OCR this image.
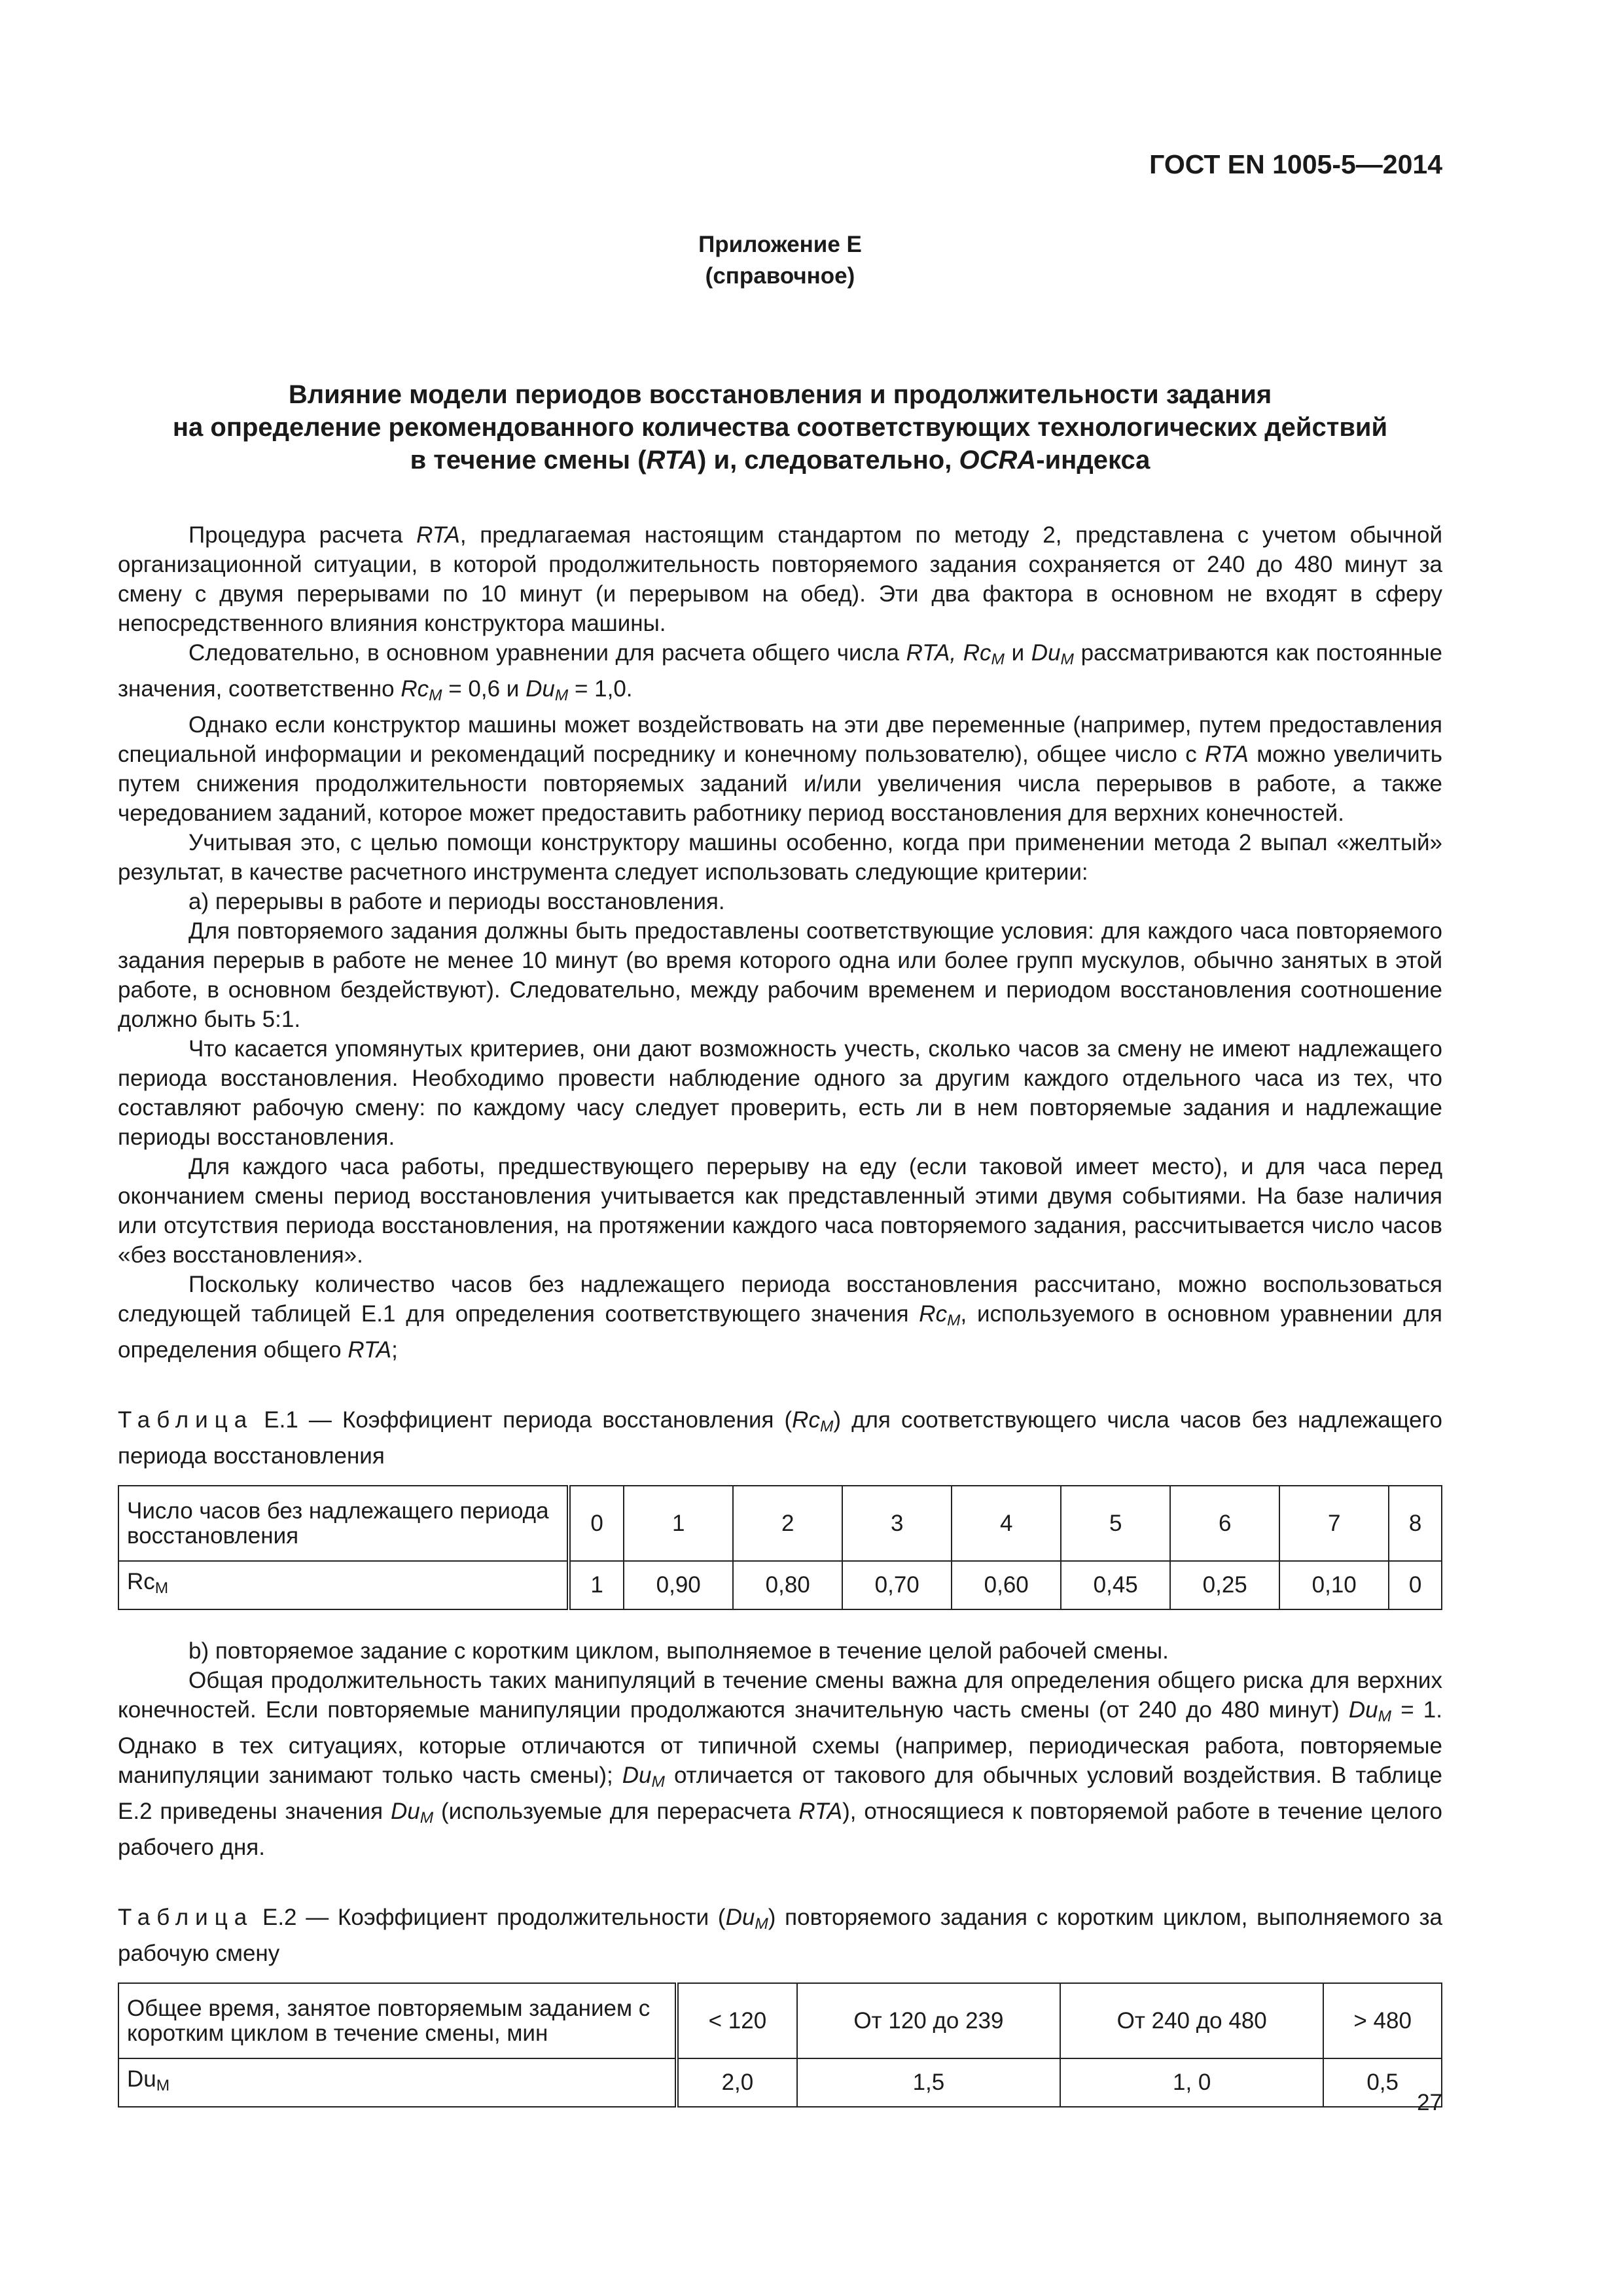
ГОСТ EN 1005-5—2014
Приложение Е
(справочное)
Влияние модели периодов восстановления и продолжительности задания
на определение рекомендованного количества соответствующих технологических действий
в течение смены (RTA) и, следовательно, OCRA-индекса

Процедура расчета RTA, предлагаемая настоящим стандартом по методу 2, представлена с учетом обычной организационной ситуации, в которой продолжительность повторяемого задания сохраняется от 240 до 480 минут за смену с двумя перерывами по 10 минут (и перерывом на обед). Эти два фактора в основном не входят в сферу непосредственного влияния конструктора машины.

Следовательно, в основном уравнении для расчета общего числа RTA, $Rc_M$ и $Du_M$ рассматриваются как постоянные значения, соответственно $Rc_M = 0,6$ и $Du_M = 1,0$.

Однако если конструктор машины может воздействовать на эти две переменные (например, путем предоставления специальной информации и рекомендаций посреднику и конечному пользователю), общее число с RTA можно увеличить путем снижения продолжительности повторяемых заданий и/или увеличения числа перерывов в работе, а также чередованием заданий, которое может предоставить работнику период восстановления для верхних конечностей.

Учитывая это, с целью помощи конструктору машины особенно, когда при применении метода 2 выпал «желтый» результат, в качестве расчетного инструмента следует использовать следующие критерии:

а) перерывы в работе и периоды восстановления.

Для повторяемого задания должны быть предоставлены соответствующие условия: для каждого часа повторяемого задания перерыв в работе не менее 10 минут (во время которого одна или более групп мускулов, обычно занятых в этой работе, в основном бездействуют). Следовательно, между рабочим временем и периодом восстановления соотношение должно быть 5:1.

Что касается упомянутых критериев, они дают возможность учесть, сколько часов за смену не имеют надлежащего периода восстановления. Необходимо провести наблюдение одного за другим каждого отдельного часа из тех, что составляют рабочую смену: по каждому часу следует проверить, есть ли в нем повторяемые задания и надлежащие периоды восстановления.

Для каждого часа работы, предшествующего перерыву на еду (если таковой имеет место), и для часа перед окончанием смены период восстановления учитывается как представленный этими двумя событиями. На базе наличия или отсутствия периода восстановления, на протяжении каждого часа повторяемого задания, рассчитывается число часов «без восстановления».

Поскольку количество часов без надлежащего периода восстановления рассчитано, можно воспользоваться следующей таблицей Е.1 для определения соответствующего значения $Rc_M$, используемого в основном уравнении для определения общего RTA;

Таблица Е.1 — Коэффициент периода восстановления $(Rc_M)$ для соответствующего числа часов без надлежащего периода восстановления
Число часов без надлежащего периода восстановления	0	1	2	3	4	5	6	7	8
$Rc_M$	1	0,90	0,80	0,70	0,60	0,45	0,25	0,10	0

b) повторяемое задание с коротким циклом, выполняемое в течение целой рабочей смены.

Общая продолжительность таких манипуляций в течение смены важна для определения общего риска для верхних конечностей. Если повторяемые манипуляции продолжаются значительную часть смены (от 240 до 480 минут) $Du_M = 1$. Однако в тех ситуациях, которые отличаются от типичной схемы (например, периодическая работа, повторяемые манипуляции занимают только часть смены); $Du_M$ отличается от такового для обычных условий воздействия. В таблице Е.2 приведены значения $Du_M$ (используемые для перерасчета RTA), относящиеся к повторяемой работе в течение целого рабочего дня.

Таблица Е.2 — Коэффициент продолжительности $(Du_M)$ повторяемого задания с коротким циклом, выполняемого за рабочую смену
Общее время, занятое повторяемым заданием с коротким циклом в течение смены, мин	< 120	От 120 до 239	От 240 до 480	> 480
$Du_M$	2,0	1,5	1, 0	0,5
27
